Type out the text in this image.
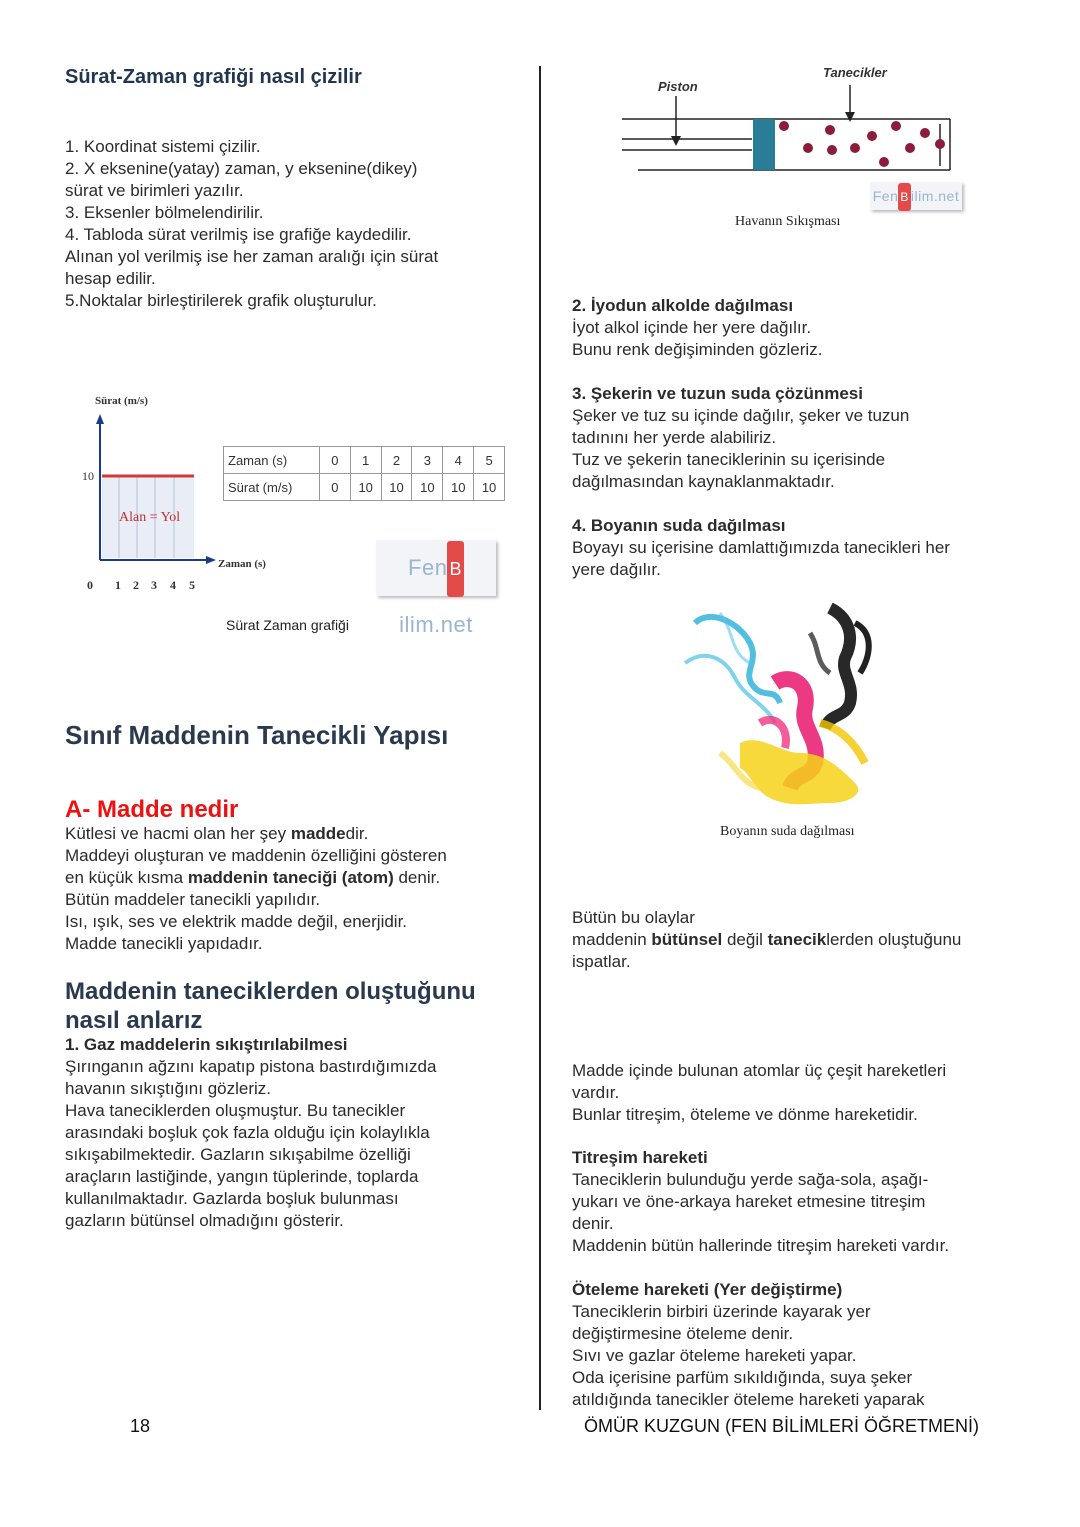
Sürat-Zaman grafiği nasıl çizilir

1. Koordinat sistemi çizilir.

2. X eksenine(yatay) zaman, y eksenine(dikey)

sürat ve birimleri yazılır.

3. Eksenler bölmelendirilir.

4. Tabloda sürat verilmiş ise grafiğe kaydedilir.

Alınan yol verilmiş ise her zaman aralığı için sürat

hesap edilir.

5.Noktalar birleştirilerek grafik oluşturulur.

Sürat (m/s)
10
Zaman (s)
Alan = Yol
0 1 2 3 4 5
Zaman (s)	0	1	2	3	4	5
Sürat (m/s)	0	10	10	10	10	10
Fen Bilim.net
Sürat Zaman grafiği
Sınıf Maddenin Tanecikli Yapısı
A- Madde nedir

Kütlesi ve hacmi olan her şey maddedir.

Maddeyi oluşturan ve maddenin özelliğini gösteren

en küçük kısma maddenin taneciği (atom) denir.

Bütün maddeler tanecikli yapılıdır.

Isı, ışık, ses ve elektrik madde değil, enerjidir.

Madde tanecikli yapıdadır.

Maddenin taneciklerden oluştuğunu
nasıl anlarız

1. Gaz maddelerin sıkıştırılabilmesi

Şırınganın ağzını kapatıp pistona bastırdığımızda

havanın sıkıştığını gözleriz.

Hava taneciklerden oluşmuştur. Bu tanecikler

arasındaki boşluk çok fazla olduğu için kolaylıkla

sıkışabilmektedir. Gazların sıkışabilme özelliği

araçların lastiğinde, yangın tüplerinde, toplarda

kullanılmaktadır. Gazlarda boşluk bulunması

gazların bütünsel olmadığını gösterir.

18
Piston
Tanecikler
Fen B ilim.net
Havanın Sıkışması

2. İyodun alkolde dağılması

İyot alkol içinde her yere dağılır.

Bunu renk değişiminden gözleriz.

3. Şekerin ve tuzun suda çözünmesi

Şeker ve tuz su içinde dağılır, şeker ve tuzun

tadınını her yerde alabiliriz.

Tuz ve şekerin taneciklerinin su içerisinde

dağılmasından kaynaklanmaktadır.

4. Boyanın suda dağılması

Boyayı su içerisine damlattığımızda tanecikleri her

yere dağılır.

Boyanın suda dağılması

Bütün bu olaylar

maddenin bütünsel değil taneciklerden oluştuğunu

ispatlar.

Madde içinde bulunan atomlar üç çeşit hareketleri

vardır.

Bunlar titreşim, öteleme ve dönme hareketidir.

Titreşim hareketi

Taneciklerin bulunduğu yerde sağa-sola, aşağı-

yukarı ve öne-arkaya hareket etmesine titreşim

denir.

Maddenin bütün hallerinde titreşim hareketi vardır.

Öteleme hareketi (Yer değiştirme)

Taneciklerin birbiri üzerinde kayarak yer

değiştirmesine öteleme denir.

Sıvı ve gazlar öteleme hareketi yapar.

Oda içerisine parfüm sıkıldığında, suya şeker

atıldığında tanecikler öteleme hareketi yaparak

ÖMÜR KUZGUN (FEN BİLİMLERİ ÖĞRETMENİ)
